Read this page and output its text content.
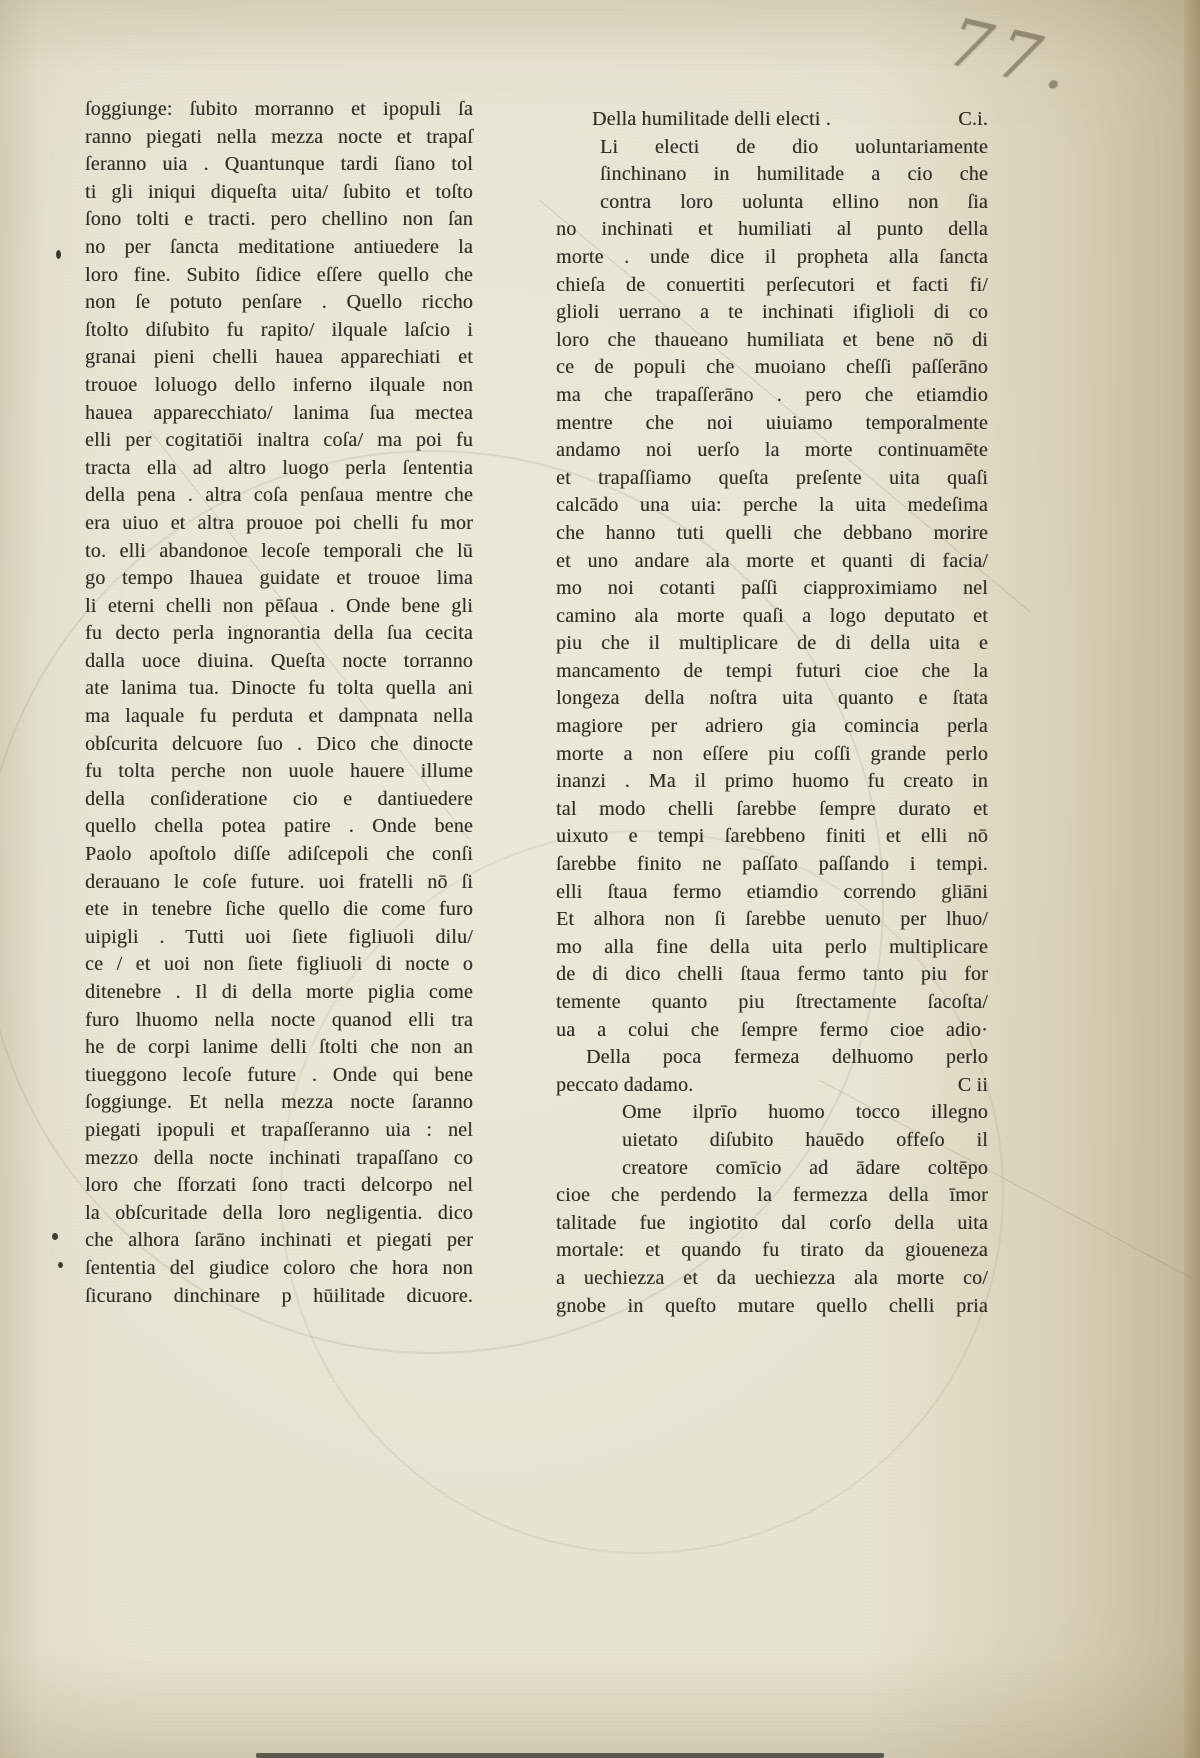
77.
ſoggiunge: ſubito morranno et ipopuli ſa
ranno piegati nella mezza nocte et trapaſ
ſeranno uia . Quantunque tardi ſiano tol
ti gli iniqui diqueſta uita/ ſubito et toſto
ſono tolti e tracti. pero chellino non ſan
no per ſancta meditatione antiuedere la
loro fine. Subito ſidice eſſere quello che
non ſe potuto penſare . Quello riccho
ſtolto diſubito fu rapito/ ilquale laſcio i
granai pieni chelli hauea apparechiati et
trouoe loluogo dello inferno ilquale non
hauea apparecchiato/ lanima ſua mectea
elli per cogitatiōi inaltra coſa/ ma poi fu
tracta ella ad altro luogo perla ſententia
della pena . altra coſa penſaua mentre che
era uiuo et altra prouoe poi chelli fu mor
to. elli abandonoe lecoſe temporali che lū
go tempo lhauea guidate et trouoe lima
li eterni chelli non pēſaua . Onde bene gli
fu decto perla ingnorantia della ſua cecita
dalla uoce diuina. Queſta nocte torranno
ate lanima tua. Dinocte fu tolta quella ani
ma laquale fu perduta et dampnata nella
obſcurita delcuore ſuo . Dico che dinocte
fu tolta perche non uuole hauere illume
della conſideratione cio e dantiuedere
quello chella potea patire . Onde bene
Paolo apoſtolo diſſe adiſcepoli che conſi
derauano le coſe future. uoi fratelli nō ſi
ete in tenebre ſiche quello die come furo
uipigli . Tutti uoi ſiete figliuoli dilu/
ce / et uoi non ſiete figliuoli di nocte o
ditenebre . Il di della morte piglia come
furo lhuomo nella nocte quanod elli tra
he de corpi lanime delli ſtolti che non an
tiueggono lecoſe future . Onde qui bene
ſoggiunge. Et nella mezza nocte ſaranno
piegati ipopuli et trapaſſeranno uia : nel
mezzo della nocte inchinati trapaſſano co
loro che ſforzati ſono tracti delcorpo nel
la obſcuritade della loro negligentia. dico
che alhora ſarāno inchinati et piegati per
ſententia del giudice coloro che hora non
ſicurano dinchinare p hūilitade dicuore.
Della humilitade delli electi .	C.i.
Li electi de dio uoluntariamente
ſinchinano in humilitade a cio che
contra loro uolunta ellino non ſia
no inchinati et humiliati al punto della
morte . unde dice il propheta alla ſancta
chieſa de conuertiti perſecutori et facti fi/
glioli uerrano a te inchinati ifiglioli di co
loro che thaueano humiliata et bene nō di
ce de populi che muoiano cheſſi paſſerāno
ma che trapaſſerāno . pero che etiamdio
mentre che noi uiuiamo temporalmente
andamo noi uerſo la morte continuamēte
et trapaſſiamo queſta preſente uita quaſi
calcādo una uia: perche la uita medeſima
che hanno tuti quelli che debbano morire
et uno andare ala morte et quanti di facia/
mo noi cotanti paſſi ciapproximiamo nel
camino ala morte quaſi a logo deputato et
piu che il multiplicare de di della uita e
mancamento de tempi futuri cioe che la
longeza della noſtra uita quanto e ſtata
magiore per adriero gia comincia perla
morte a non eſſere piu coſſi grande perlo
inanzi . Ma il primo huomo fu creato in
tal modo chelli ſarebbe ſempre durato et
uixuto e tempi ſarebbeno finiti et elli nō
ſarebbe finito ne paſſato paſſando i tempi.
elli ſtaua fermo etiamdio correndo gliāni
Et alhora non ſi ſarebbe uenuto per lhuo/
mo alla fine della uita perlo multiplicare
de di dico chelli ſtaua fermo tanto piu for
temente quanto piu ſtrectamente ſacoſta/
ua a colui che ſempre fermo cioe adio·
Della poca fermeza delhuomo perlo
peccato dadamo.	C ii
Ome ilprīo huomo tocco illegno
uietato diſubito hauēdo offeſo il
creatore comīcio ad ādare coltēpo
cioe che perdendo la fermezza della īmor
talitade fue ingiotito dal corſo della uita
mortale: et quando fu tirato da gioueneza
a uechiezza et da uechiezza ala morte co/
gnobe in queſto mutare quello chelli pria
